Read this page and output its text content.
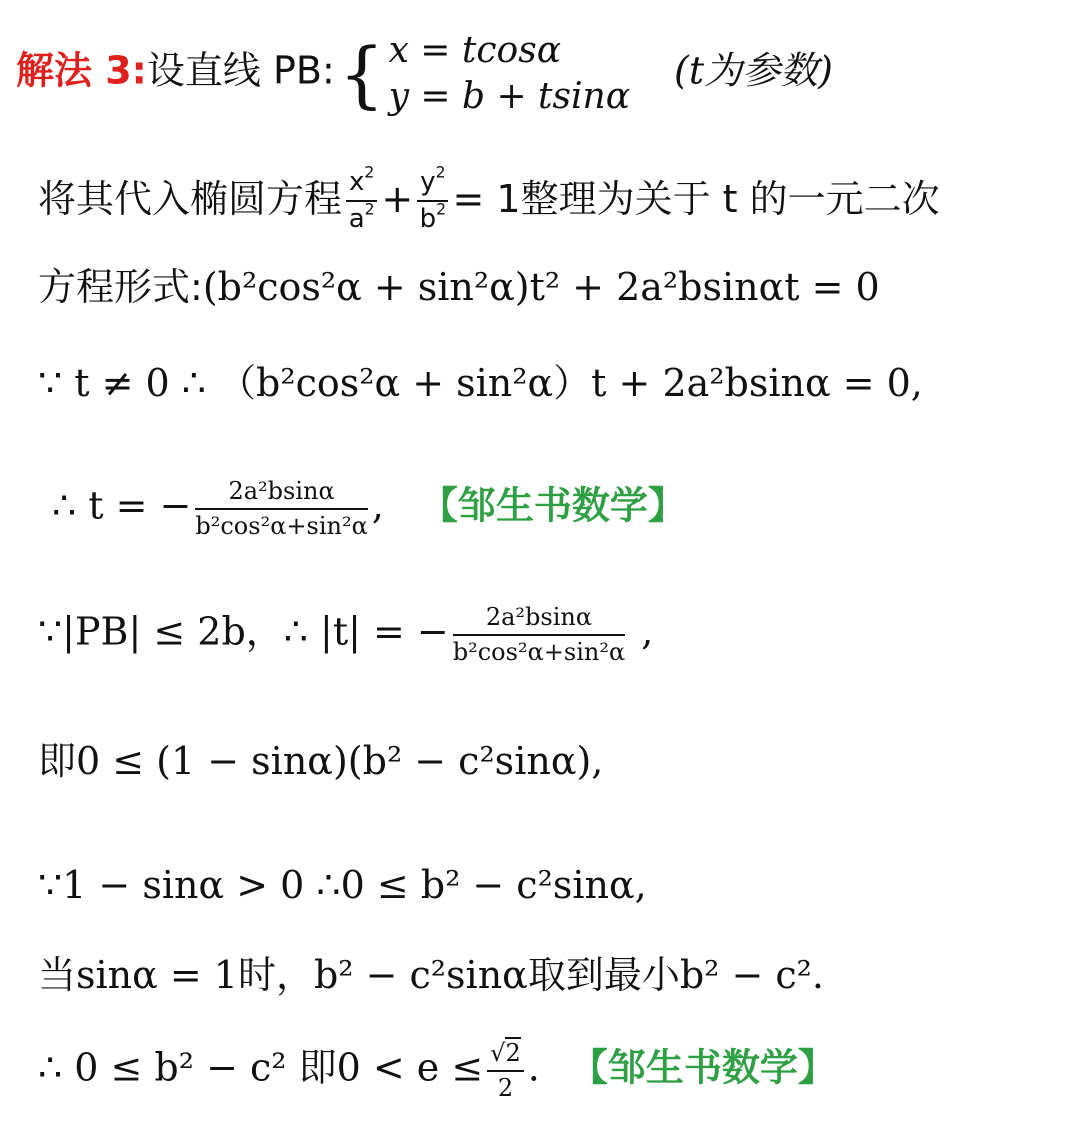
解法 3:设直线 PB:{ x = tcosα
y = b + tsinα
(t为参数)
将其代入椭圆方程 $\frac{x^2}{a^2} + \frac{y^2}{b^2} = 1$整理为关于 t 的一元二次
方程形式:(b²cos²α + sin²α)t² + 2a²bsinαt = 0
∵ t ≠ 0 ∴ （b²cos²α + sin²α）t + 2a²bsinα = 0,
∴ t = − $\frac{\text{2a²bsinα}}{\text{b²cos²α+sin²α}}$ , 【邹生书数学】
∵|PB| ≤ 2b，∴ |t| = − $\frac{\text{2a²bsinα}}{\text{b²cos²α+sin²α}}$ ,
即0 ≤ (1 − sinα)(b² − c²sinα),
∵1 − sinα > 0 ∴0 ≤ b² − c²sinα,
当sinα = 1时，b² − c²sinα取到最小b² − c².
∴ 0 ≤ b² − c² 即$0 < e \le \frac{√2}{2}$ . 【邹生书数学】
